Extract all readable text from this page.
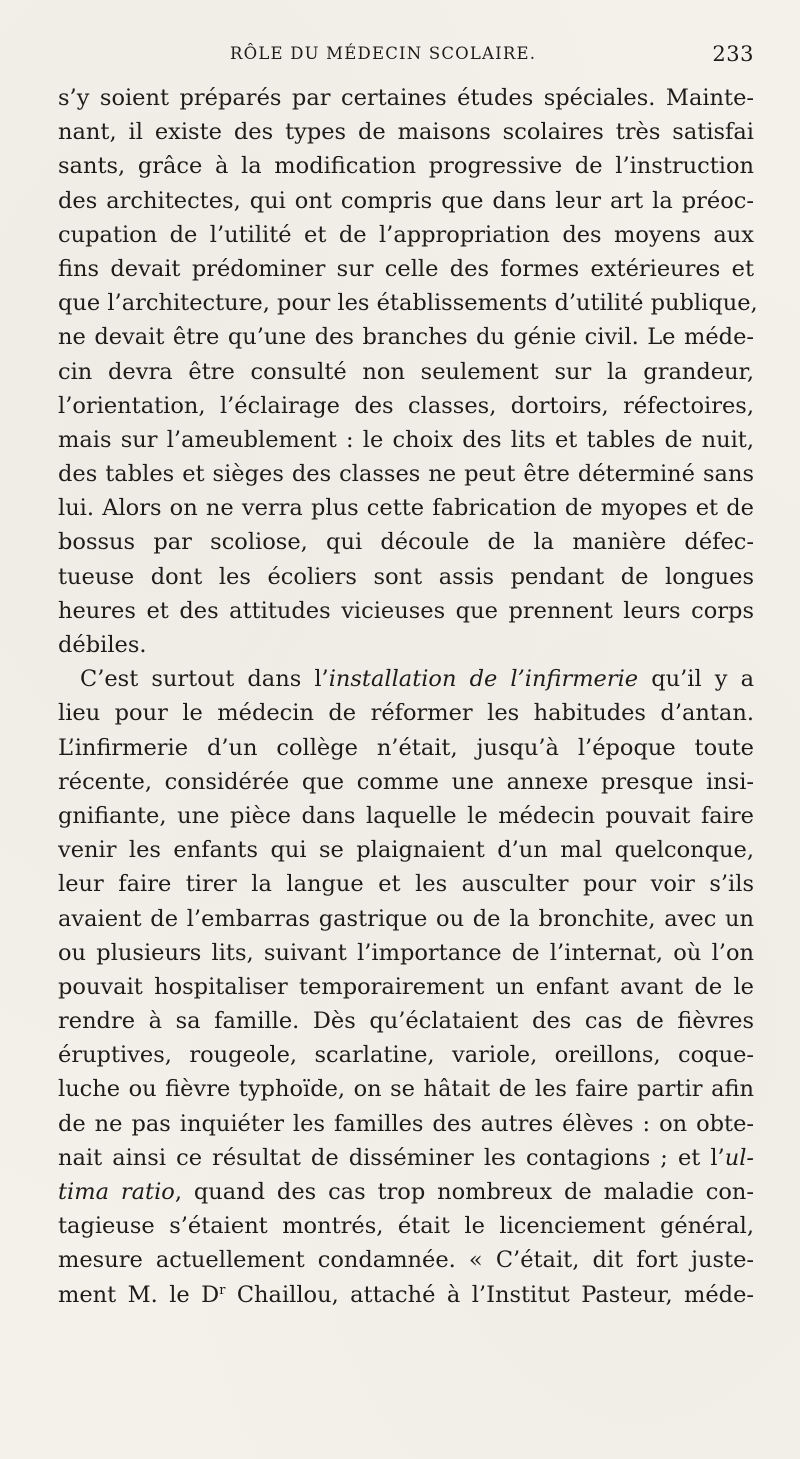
RÔLE DU MÉDECIN SCOLAIRE.	233
s’y soient préparés par certaines études spéciales. Mainte-
nant, il existe des types de maisons scolaires très satisfai
sants, grâce à la modification progressive de l’instruction
des architectes, qui ont compris que dans leur art la préoc-
cupation de l’utilité et de l’appropriation des moyens aux
fins devait prédominer sur celle des formes extérieures et
que l’architecture, pour les établissements d’utilité publique,
ne devait être qu’une des branches du génie civil. Le méde-
cin devra être consulté non seulement sur la grandeur,
l’orientation, l’éclairage des classes, dortoirs, réfectoires,
mais sur l’ameublement : le choix des lits et tables de nuit,
des tables et sièges des classes ne peut être déterminé sans
lui. Alors on ne verra plus cette fabrication de myopes et de
bossus par scoliose, qui découle de la manière défec-
tueuse dont les écoliers sont assis pendant de longues
heures et des attitudes vicieuses que prennent leurs corps
débiles.
C’est surtout dans l’installation de l’infirmerie qu’il y a
lieu pour le médecin de réformer les habitudes d’antan.
L’infirmerie d’un collège n’était, jusqu’à l’époque toute
récente, considérée que comme une annexe presque insi-
gnifiante, une pièce dans laquelle le médecin pouvait faire
venir les enfants qui se plaignaient d’un mal quelconque,
leur faire tirer la langue et les ausculter pour voir s’ils
avaient de l’embarras gastrique ou de la bronchite, avec un
ou plusieurs lits, suivant l’importance de l’internat, où l’on
pouvait hospitaliser temporairement un enfant avant de le
rendre à sa famille. Dès qu’éclataient des cas de fièvres
éruptives, rougeole, scarlatine, variole, oreillons, coque-
luche ou fièvre typhoïde, on se hâtait de les faire partir afin
de ne pas inquiéter les familles des autres élèves : on obte-
nait ainsi ce résultat de disséminer les contagions ; et l’ul-
tima ratio, quand des cas trop nombreux de maladie con-
tagieuse s’étaient montrés, était le licenciement général,
mesure actuellement condamnée. « C’était, dit fort juste-
ment M. le $D^r$ Chaillou, attaché à l’Institut Pasteur, méde-
